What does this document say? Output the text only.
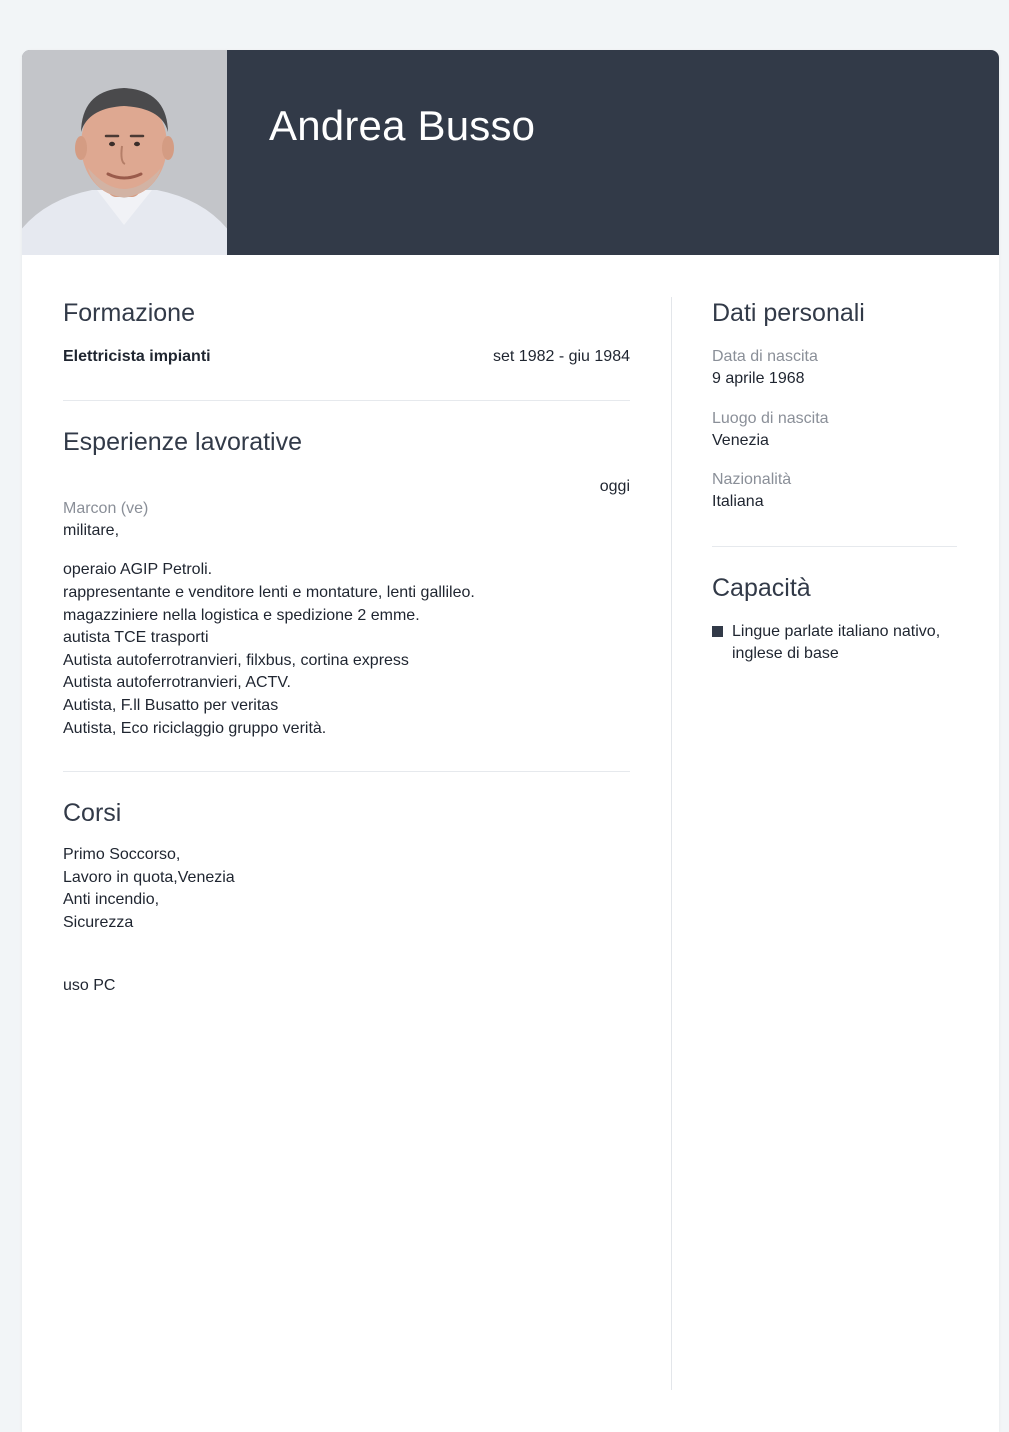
Andrea Busso
Formazione
Elettricista impianti	set 1982 - giu 1984
Esperienze lavorative
oggi
Marcon (ve)
militare,
operaio AGIP Petroli.
rappresentante e venditore lenti e montature, lenti gallileo.
magazziniere nella logistica e spedizione 2 emme.
autista TCE trasporti
Autista autoferrotranvieri, filxbus, cortina express
Autista autoferrotranvieri, ACTV.
Autista, F.ll Busatto per veritas
Autista, Eco riciclaggio gruppo verità.
Corsi
Primo Soccorso,
Lavoro in quota,Venezia
Anti incendio,
Sicurezza
uso PC
Dati personali
Data di nascita
9 aprile 1968
Luogo di nascita
Venezia
Nazionalità
Italiana
Capacità
Lingue parlate italiano nativo, inglese di base
